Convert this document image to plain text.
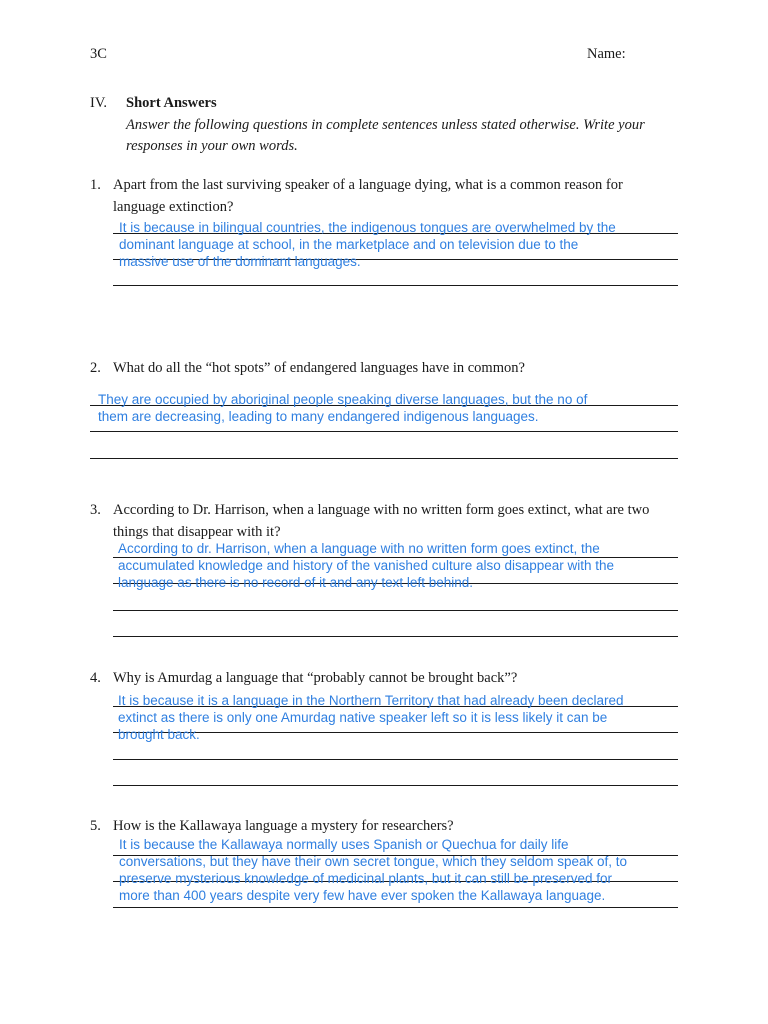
3C	Name:
IV. Short Answers
Answer the following questions in complete sentences unless stated otherwise. Write your
responses in your own words.
1. Apart from the last surviving speaker of a language dying, what is a common reason for
language extinction?
It is because in bilingual countries, the indigenous tongues are overwhelmed by the
dominant language at school, in the marketplace and on television due to the
massive use of the dominant languages.
2. What do all the “hot spots” of endangered languages have in common?
They are occupied by aboriginal people speaking diverse languages, but the no of
them are decreasing, leading to many endangered indigenous languages.
3. According to Dr. Harrison, when a language with no written form goes extinct, what are two
things that disappear with it?
According to dr. Harrison, when a language with no written form goes extinct, the
accumulated knowledge and history of the vanished culture also disappear with the
language as there is no record of it and any text left behind.
4. Why is Amurdag a language that “probably cannot be brought back”?
It is because it is a language in the Northern Territory that had already been declared
extinct as there is only one Amurdag native speaker left so it is less likely it can be
brought back.
5. How is the Kallawaya language a mystery for researchers?
It is because the Kallawaya normally uses Spanish or Quechua for daily life
conversations, but they have their own secret tongue, which they seldom speak of, to
preserve mysterious knowledge of medicinal plants, but it can still be preserved for
more than 400 years despite very few have ever spoken the Kallawaya language.
